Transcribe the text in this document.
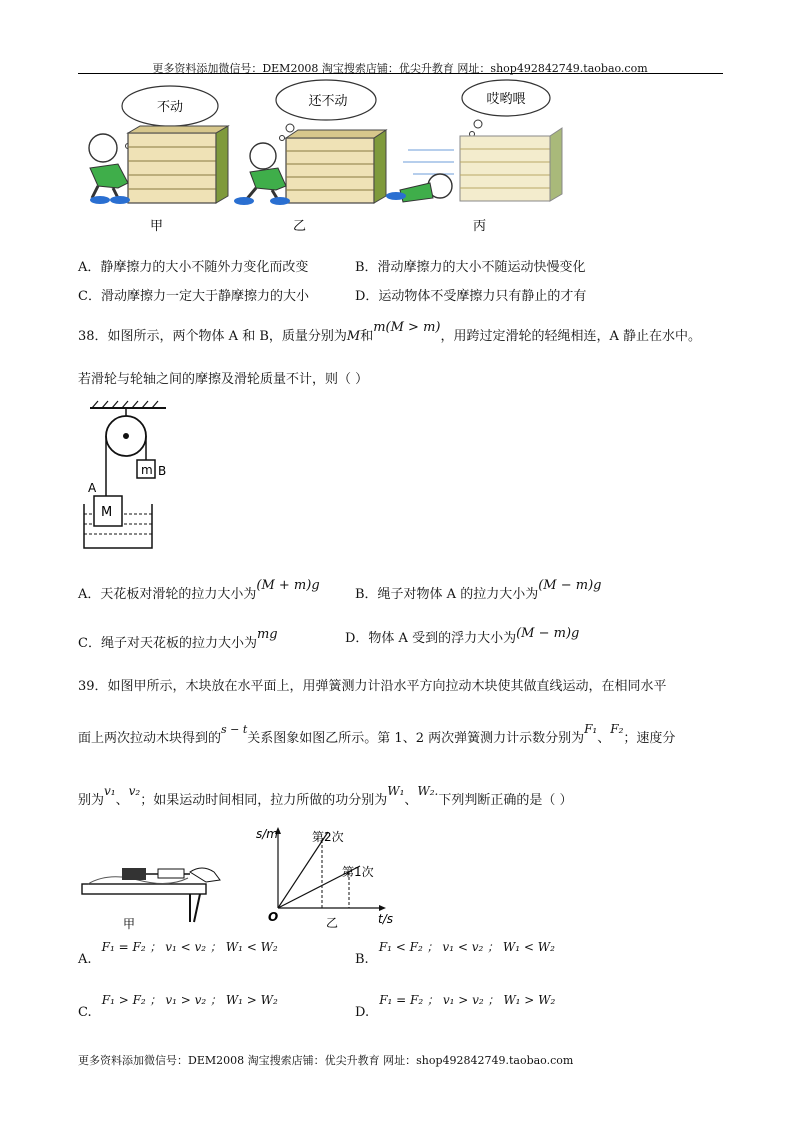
更多资料添加微信号：DEM2008 淘宝搜索店铺：优尖升教育 网址：shop492842749.taobao.com
不动
甲
还不动
乙
哎哟喂
丙
A．静摩擦力的大小不随外力变化而改变	B．滑动摩擦力的大小不随运动快慢变化
C．滑动摩擦力一定大于静摩擦力的大小	D．运动物体不受摩擦力只有静止的才有
38．如图所示，两个物体 A 和 B，质量分别为M和m(M > m)，用跨过定滑轮的轻绳相连，A 静止在水中。
若滑轮与轮轴之间的摩擦及滑轮质量不计，则（ ）
m B
A
M
A．天花板对滑轮的拉力大小为(M + m)g
B．绳子对物体 A 的拉力大小为(M − m)g
C．绳子对天花板的拉力大小为mg	D．物体 A 受到的浮力大小为(M − m)g
39．如图甲所示，木块放在水平面上，用弹簧测力计沿水平方向拉动木块使其做直线运动，在相同水平
面上两次拉动木块得到的$^{s - t}$关系图象如图乙所示。第 1、2 两次弹簧测力计示数分别为F₁、F₂；速度分
别为v₁、v₂；如果运动时间相同，拉力所做的功分别为W₁、W₂.下列判断正确的是（ ）
甲
s/m
t/s
O
第2次
第1次
乙
A. F₁ = F₂ ； v₁ < v₂ ； W₁ < W₂
B. F₁ < F₂ ； v₁ < v₂ ； W₁ < W₂
C. F₁ > F₂ ； v₁ > v₂ ； W₁ > W₂
D. F₁ = F₂ ； v₁ > v₂ ； W₁ > W₂
更多资料添加微信号：DEM2008 淘宝搜索店铺：优尖升教育 网址：shop492842749.taobao.com
